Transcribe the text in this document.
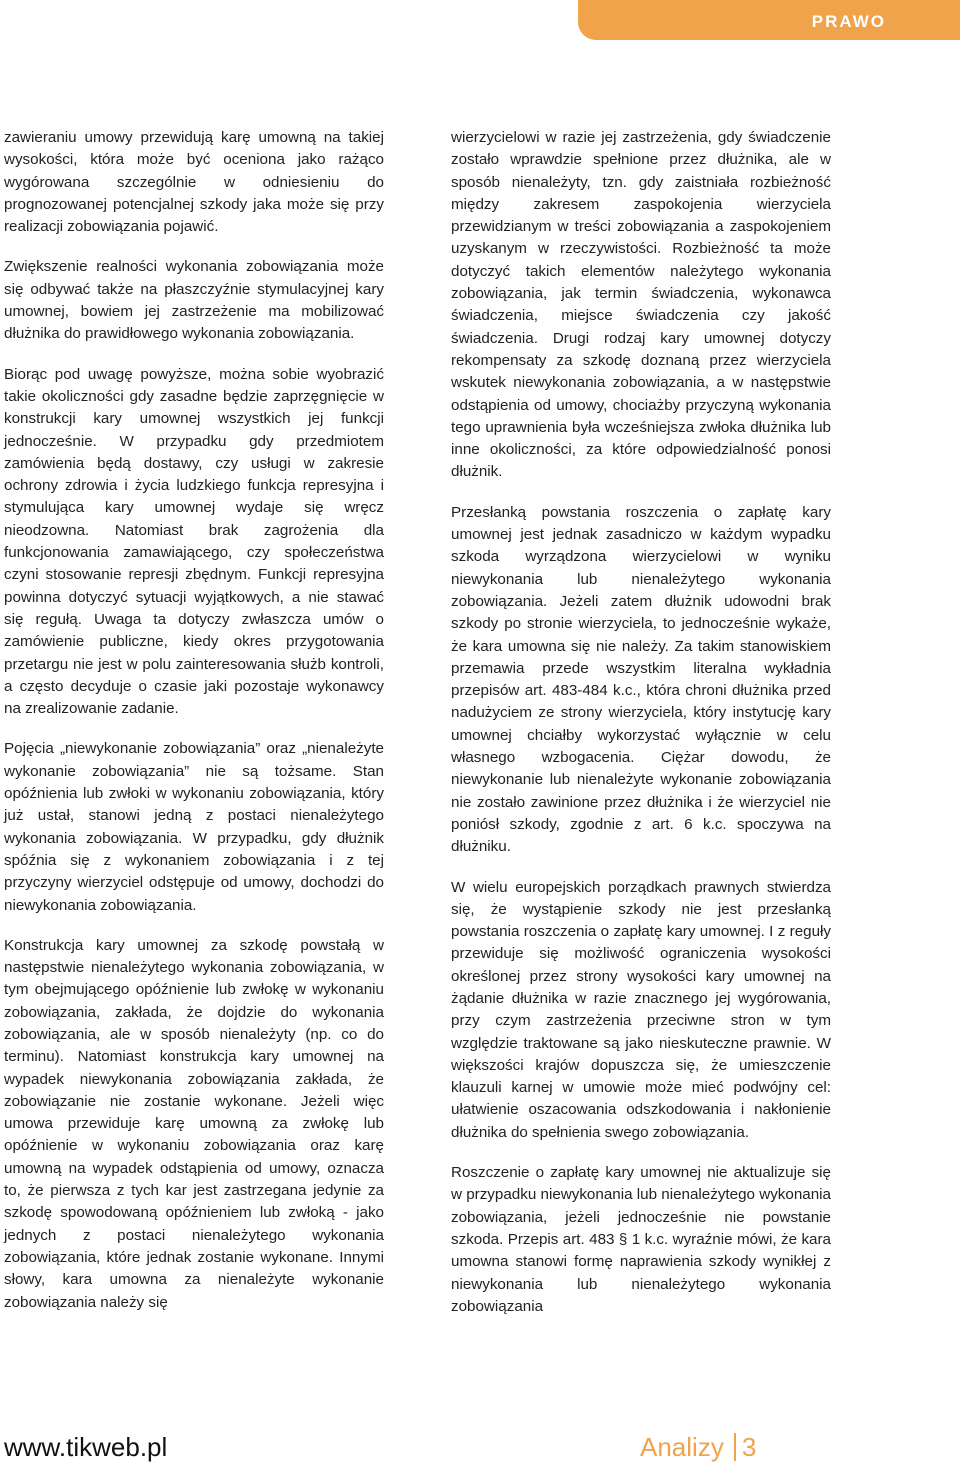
PRAWO

zawieraniu umowy przewidują karę umowną na takiej wysokości, która może być oceniona jako rażąco wygórowana szczególnie w odniesieniu do prognozowanej potencjalnej szkody jaka może się przy realizacji zobowiązania pojawić.

Zwiększenie realności wykonania zobowiązania może się odbywać także na płaszczyźnie stymulacyjnej kary umownej, bowiem jej zastrzeżenie ma mobilizować dłużnika do prawidłowego wykonania zobowiązania.

Biorąc pod uwagę powyższe, można sobie wyobrazić takie okoliczności gdy zasadne będzie zaprzęgnięcie w konstrukcji kary umownej wszystkich jej funkcji jednocześnie. W przypadku gdy przedmiotem zamówienia będą dostawy, czy usługi w zakresie ochrony zdrowia i życia ludzkiego funkcja represyjna i stymulująca kary umownej wydaje się wręcz nieodzowna. Natomiast brak zagrożenia dla funkcjonowania zamawiającego, czy społeczeństwa czyni stosowanie represji zbędnym. Funkcji represyjna powinna dotyczyć sytuacji wyjątkowych, a nie stawać się regułą. Uwaga ta dotyczy zwłaszcza umów o zamówienie publiczne, kiedy okres przygotowania przetargu nie jest w polu zainteresowania służb kontroli, a często decyduje o czasie jaki pozostaje wykonawcy na zrealizowanie zadanie.

Pojęcia „niewykonanie zobowiązania” oraz „nienależyte wykonanie zobowiązania” nie są tożsame. Stan opóźnienia lub zwłoki w wykonaniu zobowiązania, który już ustał, stanowi jedną z postaci nienależytego wykonania zobowiązania. W przypadku, gdy dłużnik spóźnia się z wykonaniem zobowiązania i z tej przyczyny wierzyciel odstępuje od umowy, dochodzi do niewykonania zobowiązania.

Konstrukcja kary umownej za szkodę powstałą w następstwie nienależytego wykonania zobowiązania, w tym obejmującego opóźnienie lub zwłokę w wykonaniu zobowiązania, zakłada, że dojdzie do wykonania zobowiązania, ale w sposób nienależyty (np. co do terminu). Natomiast konstrukcja kary umownej na wypadek niewykonania zobowiązania zakłada, że zobowiązanie nie zostanie wykonane. Jeżeli więc umowa przewiduje karę umowną za zwłokę lub opóźnienie w wykonaniu zobowiązania oraz karę umowną na wypadek odstąpienia od umowy, oznacza to, że pierwsza z tych kar jest zastrzegana jedynie za szkodę spowodowaną opóźnieniem lub zwłoką - jako jednych z postaci nienależytego wykonania zobowiązania, które jednak zostanie wykonane. Innymi słowy, kara umowna za nienależyte wykonanie zobowiązania należy się

wierzycielowi w razie jej zastrzeżenia, gdy świadczenie zostało wprawdzie spełnione przez dłużnika, ale w sposób nienależyty, tzn. gdy zaistniała rozbieżność między zakresem zaspokojenia wierzyciela przewidzianym w treści zobowiązania a zaspokojeniem uzyskanym w rzeczywistości. Rozbieżność ta może dotyczyć takich elementów należytego wykonania zobowiązania, jak termin świadczenia, wykonawca świadczenia, miejsce świadczenia czy jakość świadczenia. Drugi rodzaj kary umownej dotyczy rekompensaty za szkodę doznaną przez wierzyciela wskutek niewykonania zobowiązania, a w następstwie odstąpienia od umowy, chociażby przyczyną wykonania tego uprawnienia była wcześniejsza zwłoka dłużnika lub inne okoliczności, za które odpowiedzialność ponosi dłużnik.

Przesłanką powstania roszczenia o zapłatę kary umownej jest jednak zasadniczo w każdym wypadku szkoda wyrządzona wierzycielowi w wyniku niewykonania lub nienależytego wykonania zobowiązania. Jeżeli zatem dłużnik udowodni brak szkody po stronie wierzyciela, to jednocześnie wykaże, że kara umowna się nie należy. Za takim stanowiskiem przemawia przede wszystkim literalna wykładnia przepisów art. 483-484 k.c., która chroni dłużnika przed nadużyciem ze strony wierzyciela, który instytucję kary umownej chciałby wykorzystać wyłącznie w celu własnego wzbogacenia. Ciężar dowodu, że niewykonanie lub nienależyte wykonanie zobowiązania nie zostało zawinione przez dłużnika i że wierzyciel nie poniósł szkody, zgodnie z art. 6 k.c. spoczywa na dłużniku.

W wielu europejskich porządkach prawnych stwierdza się, że wystąpienie szkody nie jest przesłanką powstania roszczenia o zapłatę kary umownej. I z reguły przewiduje się możliwość ograniczenia wysokości określonej przez strony wysokości kary umownej na żądanie dłużnika w razie znacznego jej wygórowania, przy czym zastrzeżenia przeciwne stron w tym względzie traktowane są jako nieskuteczne prawnie. W większości krajów dopuszcza się, że umieszczenie klauzuli karnej w umowie może mieć podwójny cel: ułatwienie oszacowania odszkodowania i nakłonienie dłużnika do spełnienia swego zobowiązania.

Roszczenie o zapłatę kary umownej nie aktualizuje się w przypadku niewykonania lub nienależytego wykonania zobowiązania, jeżeli jednocześnie nie powstanie szkoda. Przepis art. 483 § 1 k.c. wyraźnie mówi, że kara umowna stanowi formę naprawienia szkody wynikłej z niewykonania lub nienależytego wykonania zobowiązania

www.tikweb.pl	Analizy 3
